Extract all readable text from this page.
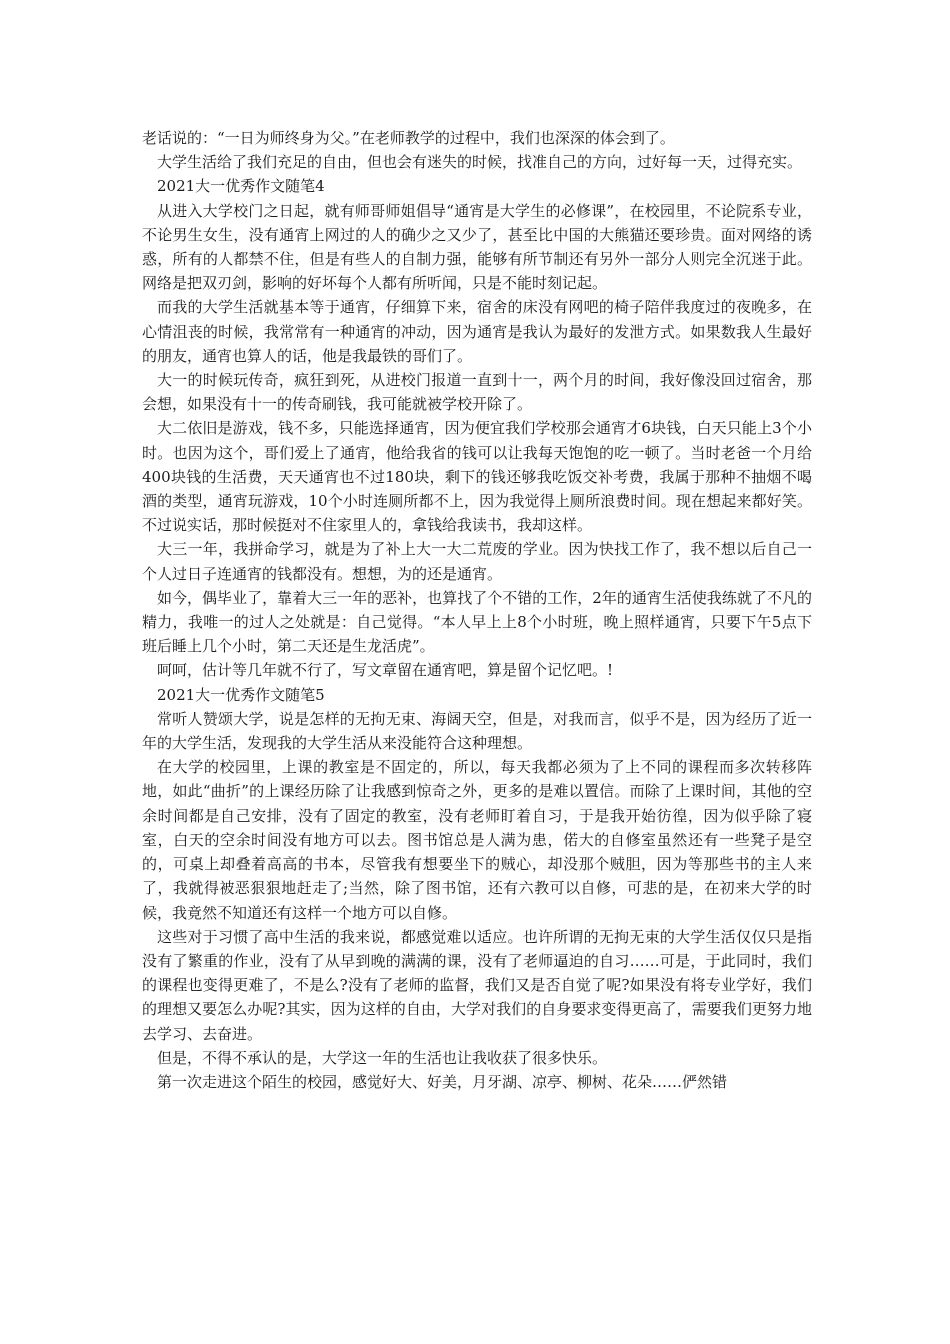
老话说的：“一日为师终身为父。”在老师教学的过程中，我们也深深的体会到了。

大学生活给了我们充足的自由，但也会有迷失的时候，找准自己的方向，过好每一天，过得充实。

2021大一优秀作文随笔4

从进入大学校门之日起，就有师哥师姐倡导“通宵是大学生的必修课”，在校园里，不论院系专业，不论男生女生，没有通宵上网过的人的确少之又少了，甚至比中国的大熊猫还要珍贵。面对网络的诱惑，所有的人都禁不住，但是有些人的自制力强，能够有所节制还有另外一部分人则完全沉迷于此。网络是把双刃剑，影响的好坏每个人都有所听闻，只是不能时刻记起。

而我的大学生活就基本等于通宵，仔细算下来，宿舍的床没有网吧的椅子陪伴我度过的夜晚多，在心情沮丧的时候，我常常有一种通宵的冲动，因为通宵是我认为最好的发泄方式。如果数我人生最好的朋友，通宵也算人的话，他是我最铁的哥们了。

大一的时候玩传奇，疯狂到死，从进校门报道一直到十一，两个月的时间，我好像没回过宿舍，那会想，如果没有十一的传奇刷钱，我可能就被学校开除了。

大二依旧是游戏，钱不多，只能选择通宵，因为便宜我们学校那会通宵才6块钱，白天只能上3个小时。也因为这个，哥们爱上了通宵，他给我省的钱可以让我每天饱饱的吃一顿了。当时老爸一个月给400块钱的生活费，天天通宵也不过180块，剩下的钱还够我吃饭交补考费，我属于那种不抽烟不喝酒的类型，通宵玩游戏，10个小时连厕所都不上，因为我觉得上厕所浪费时间。现在想起来都好笑。不过说实话，那时候挺对不住家里人的，拿钱给我读书，我却这样。

大三一年，我拼命学习，就是为了补上大一大二荒废的学业。因为快找工作了，我不想以后自己一个人过日子连通宵的钱都没有。想想，为的还是通宵。

如今，偶毕业了，靠着大三一年的恶补，也算找了个不错的工作，2年的通宵生活使我练就了不凡的精力，我唯一的过人之处就是：自己觉得。“本人早上上8个小时班，晚上照样通宵，只要下午5点下班后睡上几个小时，第二天还是生龙活虎”。

呵呵，估计等几年就不行了，写文章留在通宵吧，算是留个记忆吧。!

2021大一优秀作文随笔5

常听人赞颂大学，说是怎样的无拘无束、海阔天空，但是，对我而言，似乎不是，因为经历了近一年的大学生活，发现我的大学生活从来没能符合这种理想。

在大学的校园里，上课的教室是不固定的，所以，每天我都必须为了上不同的课程而多次转移阵地，如此“曲折”的上课经历除了让我感到惊奇之外，更多的是难以置信。而除了上课时间，其他的空余时间都是自己安排，没有了固定的教室，没有老师盯着自习，于是我开始彷徨，因为似乎除了寝室，白天的空余时间没有地方可以去。图书馆总是人满为患，偌大的自修室虽然还有一些凳子是空的，可桌上却叠着高高的书本，尽管我有想要坐下的贼心，却没那个贼胆，因为等那些书的主人来了，我就得被恶狠狠地赶走了;当然，除了图书馆，还有六教可以自修，可悲的是，在初来大学的时候，我竟然不知道还有这样一个地方可以自修。

这些对于习惯了高中生活的我来说，都感觉难以适应。也许所谓的无拘无束的大学生活仅仅只是指没有了繁重的作业，没有了从早到晚的满满的课，没有了老师逼迫的自习……可是，于此同时，我们的课程也变得更难了，不是么?没有了老师的监督，我们又是否自觉了呢?如果没有将专业学好，我们的理想又要怎么办呢?其实，因为这样的自由，大学对我们的自身要求变得更高了，需要我们更努力地去学习、去奋进。

但是，不得不承认的是，大学这一年的生活也让我收获了很多快乐。

第一次走进这个陌生的校园，感觉好大、好美，月牙湖、凉亭、柳树、花朵……俨然错
